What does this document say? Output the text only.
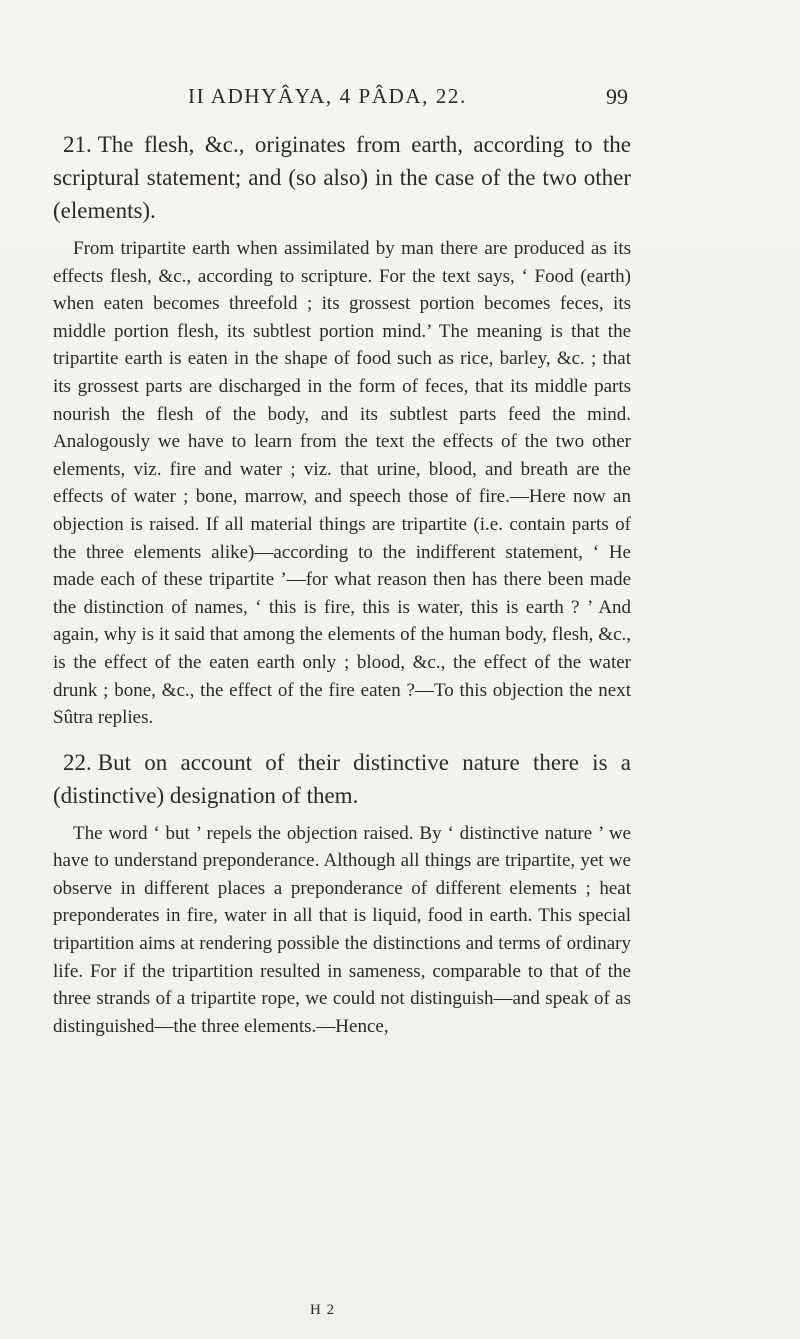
II ADHYÂYA, 4 PÂDA, 22.	99

21. The flesh, &c., originates from earth, according to the scriptural statement; and (so also) in the case of the two other (elements).

From tripartite earth when assimilated by man there are produced as its effects flesh, &c., according to scripture. For the text says, ‘ Food (earth) when eaten becomes threefold ; its grossest portion becomes feces, its middle portion flesh, its subtlest portion mind.’ The meaning is that the tripartite earth is eaten in the shape of food such as rice, barley, &c. ; that its grossest parts are discharged in the form of feces, that its middle parts nourish the flesh of the body, and its subtlest parts feed the mind. Analogously we have to learn from the text the effects of the two other elements, viz. fire and water ; viz. that urine, blood, and breath are the effects of water ; bone, marrow, and speech those of fire.—Here now an objection is raised. If all material things are tripartite (i.e. contain parts of the three elements alike)—according to the indifferent statement, ‘ He made each of these tripartite ’—for what reason then has there been made the distinction of names, ‘ this is fire, this is water, this is earth ? ’ And again, why is it said that among the elements of the human body, flesh, &c., is the effect of the eaten earth only ; blood, &c., the effect of the water drunk ; bone, &c., the effect of the fire eaten ?—To this objection the next Sûtra replies.

22. But on account of their distinctive nature there is a (distinctive) designation of them.

The word ‘ but ’ repels the objection raised. By ‘ distinctive nature ’ we have to understand preponderance. Although all things are tripartite, yet we observe in different places a preponderance of different elements ; heat preponderates in fire, water in all that is liquid, food in earth. This special tripartition aims at rendering possible the distinctions and terms of ordinary life. For if the tripartition resulted in sameness, comparable to that of the three strands of a tripartite rope, we could not distinguish—and speak of as distinguished—the three elements.—Hence,

H 2
